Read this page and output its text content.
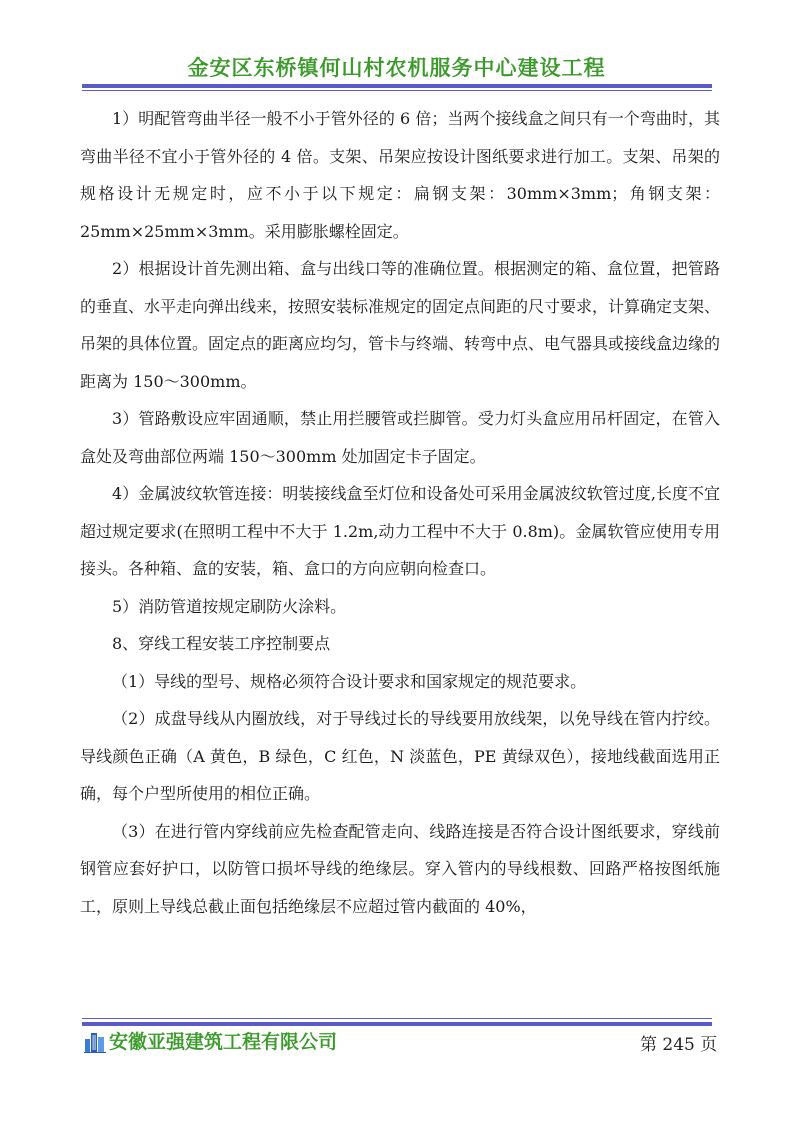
金安区东桥镇何山村农机服务中心建设工程

1）明配管弯曲半径一般不小于管外径的 6 倍；当两个接线盒之间只有一个弯曲时，其弯曲半径不宜小于管外径的 4 倍。支架、吊架应按设计图纸要求进行加工。支架、吊架的规格设计无规定时，应不小于以下规定：扁钢支架：30mm×3mm；角钢支架：25mm×25mm×3mm。采用膨胀螺栓固定。

2）根据设计首先测出箱、盒与出线口等的准确位置。根据测定的箱、盒位置，把管路的垂直、水平走向弹出线来，按照安装标准规定的固定点间距的尺寸要求，计算确定支架、吊架的具体位置。固定点的距离应均匀，管卡与终端、转弯中点、电气器具或接线盒边缘的距离为 150～300mm。

3）管路敷设应牢固通顺，禁止用拦腰管或拦脚管。受力灯头盒应用吊杆固定，在管入盒处及弯曲部位两端 150～300mm 处加固定卡子固定。

4）金属波纹软管连接：明装接线盒至灯位和设备处可采用金属波纹软管过度,长度不宜超过规定要求(在照明工程中不大于 1.2m,动力工程中不大于 0.8m)。金属软管应使用专用接头。各种箱、盒的安装，箱、盒口的方向应朝向检查口。

5）消防管道按规定刷防火涂料。

8、穿线工程安装工序控制要点

（1）导线的型号、规格必须符合设计要求和国家规定的规范要求。

（2）成盘导线从内圈放线，对于导线过长的导线要用放线架，以免导线在管内拧绞。导线颜色正确（A 黄色，B 绿色，C 红色，N 淡蓝色，PE 黄绿双色），接地线截面选用正确，每个户型所使用的相位正确。

（3）在进行管内穿线前应先检查配管走向、线路连接是否符合设计图纸要求，穿线前钢管应套好护口，以防管口损坏导线的绝缘层。穿入管内的导线根数、回路严格按图纸施工，原则上导线总截止面包括绝缘层不应超过管内截面的 40%，

安徽亚强建筑工程有限公司	第 245 页
